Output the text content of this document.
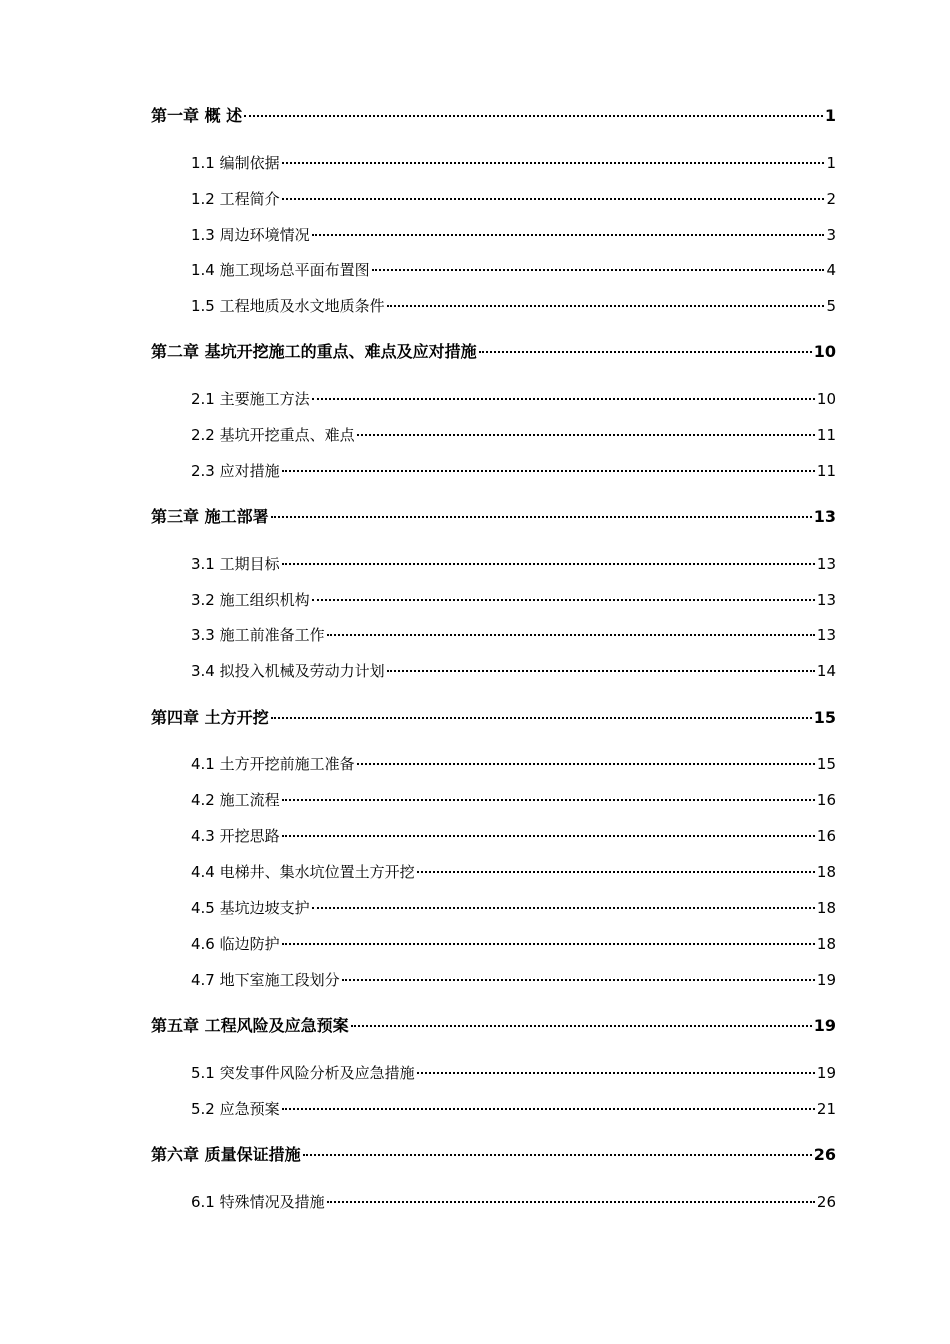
第一章 概 述	1
1.1 编制依据	1
1.2 工程简介	2
1.3 周边环境情况	3
1.4 施工现场总平面布置图	4
1.5 工程地质及水文地质条件	5
第二章 基坑开挖施工的重点、难点及应对措施	10
2.1 主要施工方法	10
2.2 基坑开挖重点、难点	11
2.3 应对措施	11
第三章 施工部署	13
3.1 工期目标	13
3.2 施工组织机构	13
3.3 施工前准备工作	13
3.4 拟投入机械及劳动力计划	14
第四章 土方开挖	15
4.1 土方开挖前施工准备	15
4.2 施工流程	16
4.3 开挖思路	16
4.4 电梯井、集水坑位置土方开挖	18
4.5 基坑边坡支护	18
4.6 临边防护	18
4.7 地下室施工段划分	19
第五章 工程风险及应急预案	19
5.1 突发事件风险分析及应急措施	19
5.2 应急预案	21
第六章 质量保证措施	26
6.1 特殊情况及措施	26
